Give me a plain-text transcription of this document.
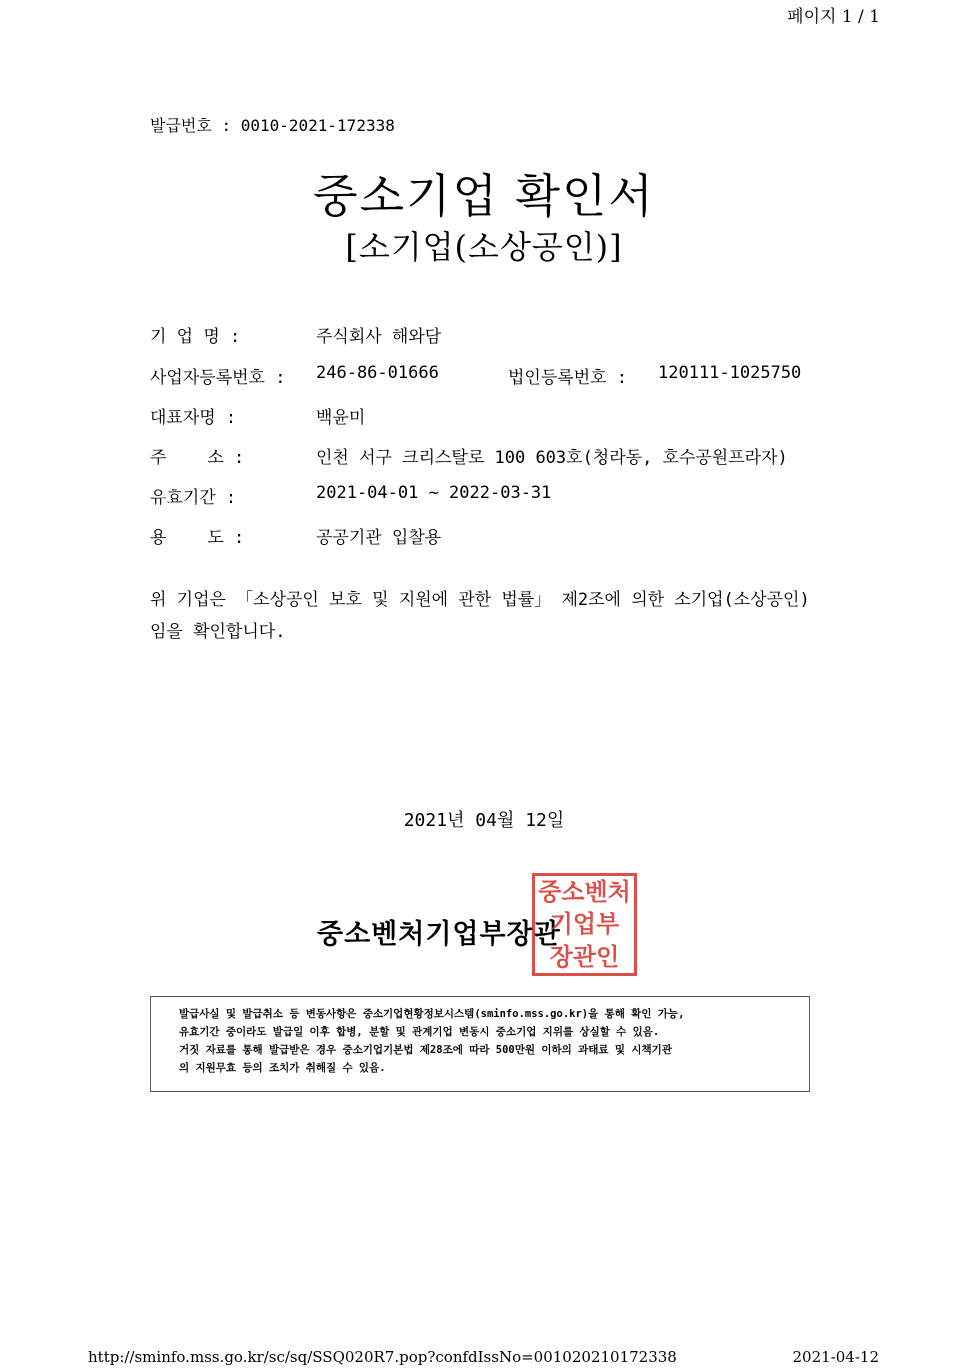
페이지 1 / 1
발급번호 : 0010-2021-172338
중소기업 확인서
[소기업(소상공인)]
기 업 명 :	주식회사 해와담
사업자등록번호 : 246-86-01666	법인등록번호 : 120111-1025750
대표자명 :	백윤미
주    소 :	인천 서구 크리스탈로 100 603호(청라동, 호수공원프라자)
유효기간 :	2021-04-01 ~ 2022-03-31
용    도 :	공공기관 입찰용
위 기업은 「소상공인 보호 및 지원에 관한 법률」 제2조에 의한 소기업(소상공인)임을 확인합니다.
2021년 04월 12일
중소벤처기업부장관
중소벤처
기업부
장관인
발급사실 및 발급취소 등 변동사항은 중소기업현황정보시스템(sminfo.mss.go.kr)을 통해 확인 가능,
유효기간 중이라도 발급일 이후 합병, 분할 및 관계기업 변동시 중소기업 지위를 상실할 수 있음.
거짓 자료를 통해 발급받은 경우 중소기업기본법 제28조에 따라 500만원 이하의 과태료 및 시책기관
의 지원무효 등의 조치가 취해질 수 있음.
http://sminfo.mss.go.kr/sc/sq/SSQ020R7.pop?confdIssNo=001020210172338	2021-04-12
